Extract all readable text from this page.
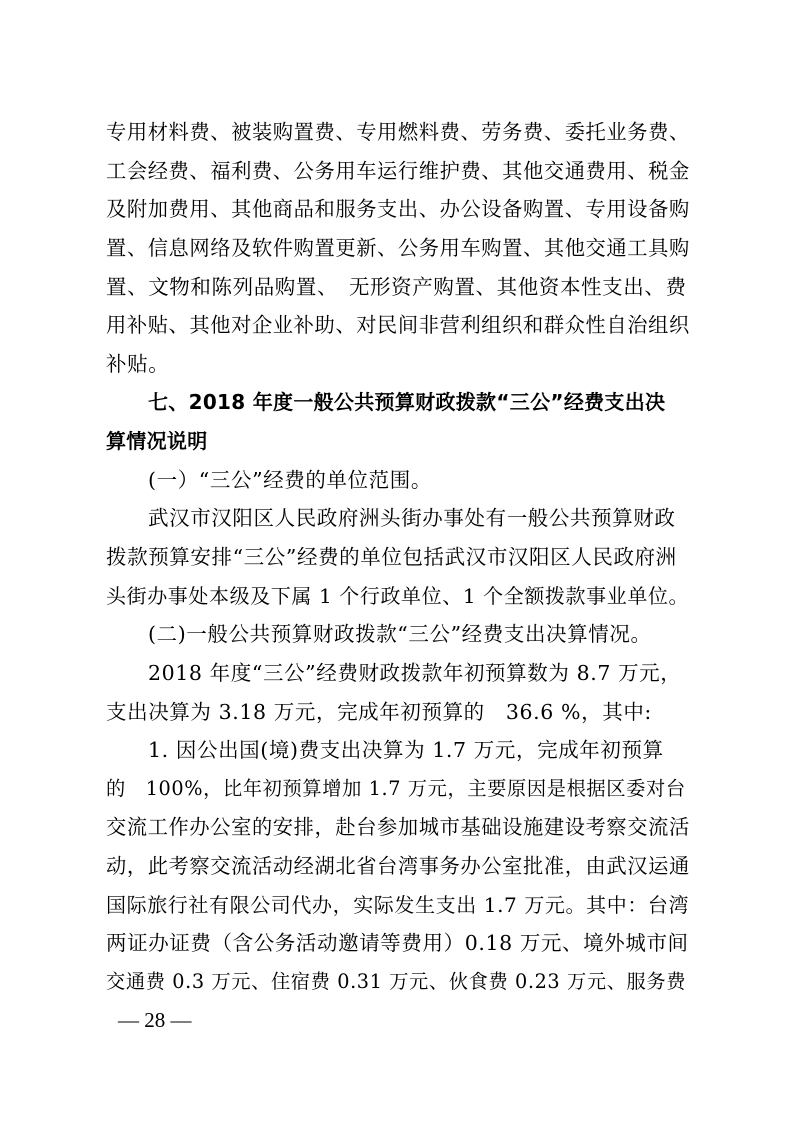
专用材料费、被装购置费、专用燃料费、劳务费、委托业务费、
工会经费、福利费、公务用车运行维护费、其他交通费用、税金
及附加费用、其他商品和服务支出、办公设备购置、专用设备购
置、信息网络及软件购置更新、公务用车购置、其他交通工具购
置、文物和陈列品购置、　无形资产购置、其他资本性支出、费
用补贴、其他对企业补助、对民间非营利组织和群众性自治组织
补贴。
七、2018 年度一般公共预算财政拨款“三公”经费支出决
算情况说明
(一）“三公”经费的单位范围。
武汉市汉阳区人民政府洲头街办事处有一般公共预算财政
拨款预算安排“三公”经费的单位包括武汉市汉阳区人民政府洲
头街办事处本级及下属 1 个行政单位、1 个全额拨款事业单位。
(二)一般公共预算财政拨款“三公”经费支出决算情况。
2018 年度“三公”经费财政拨款年初预算数为 8.7 万元，
支出决算为 3.18 万元，完成年初预算的　36.6 %，其中:
1. 因公出国(境)费支出决算为 1.7 万元，完成年初预算
的　100%，比年初预算增加 1.7 万元，主要原因是根据区委对台
交流工作办公室的安排，赴台参加城市基础设施建设考察交流活
动，此考察交流活动经湖北省台湾事务办公室批准，由武汉运通
国际旅行社有限公司代办，实际发生支出 1.7 万元。其中：台湾
两证办证费（含公务活动邀请等费用）0.18 万元、境外城市间
交通费 0.3 万元、住宿费 0.31 万元、伙食费 0.23 万元、服务费
— 28 —
